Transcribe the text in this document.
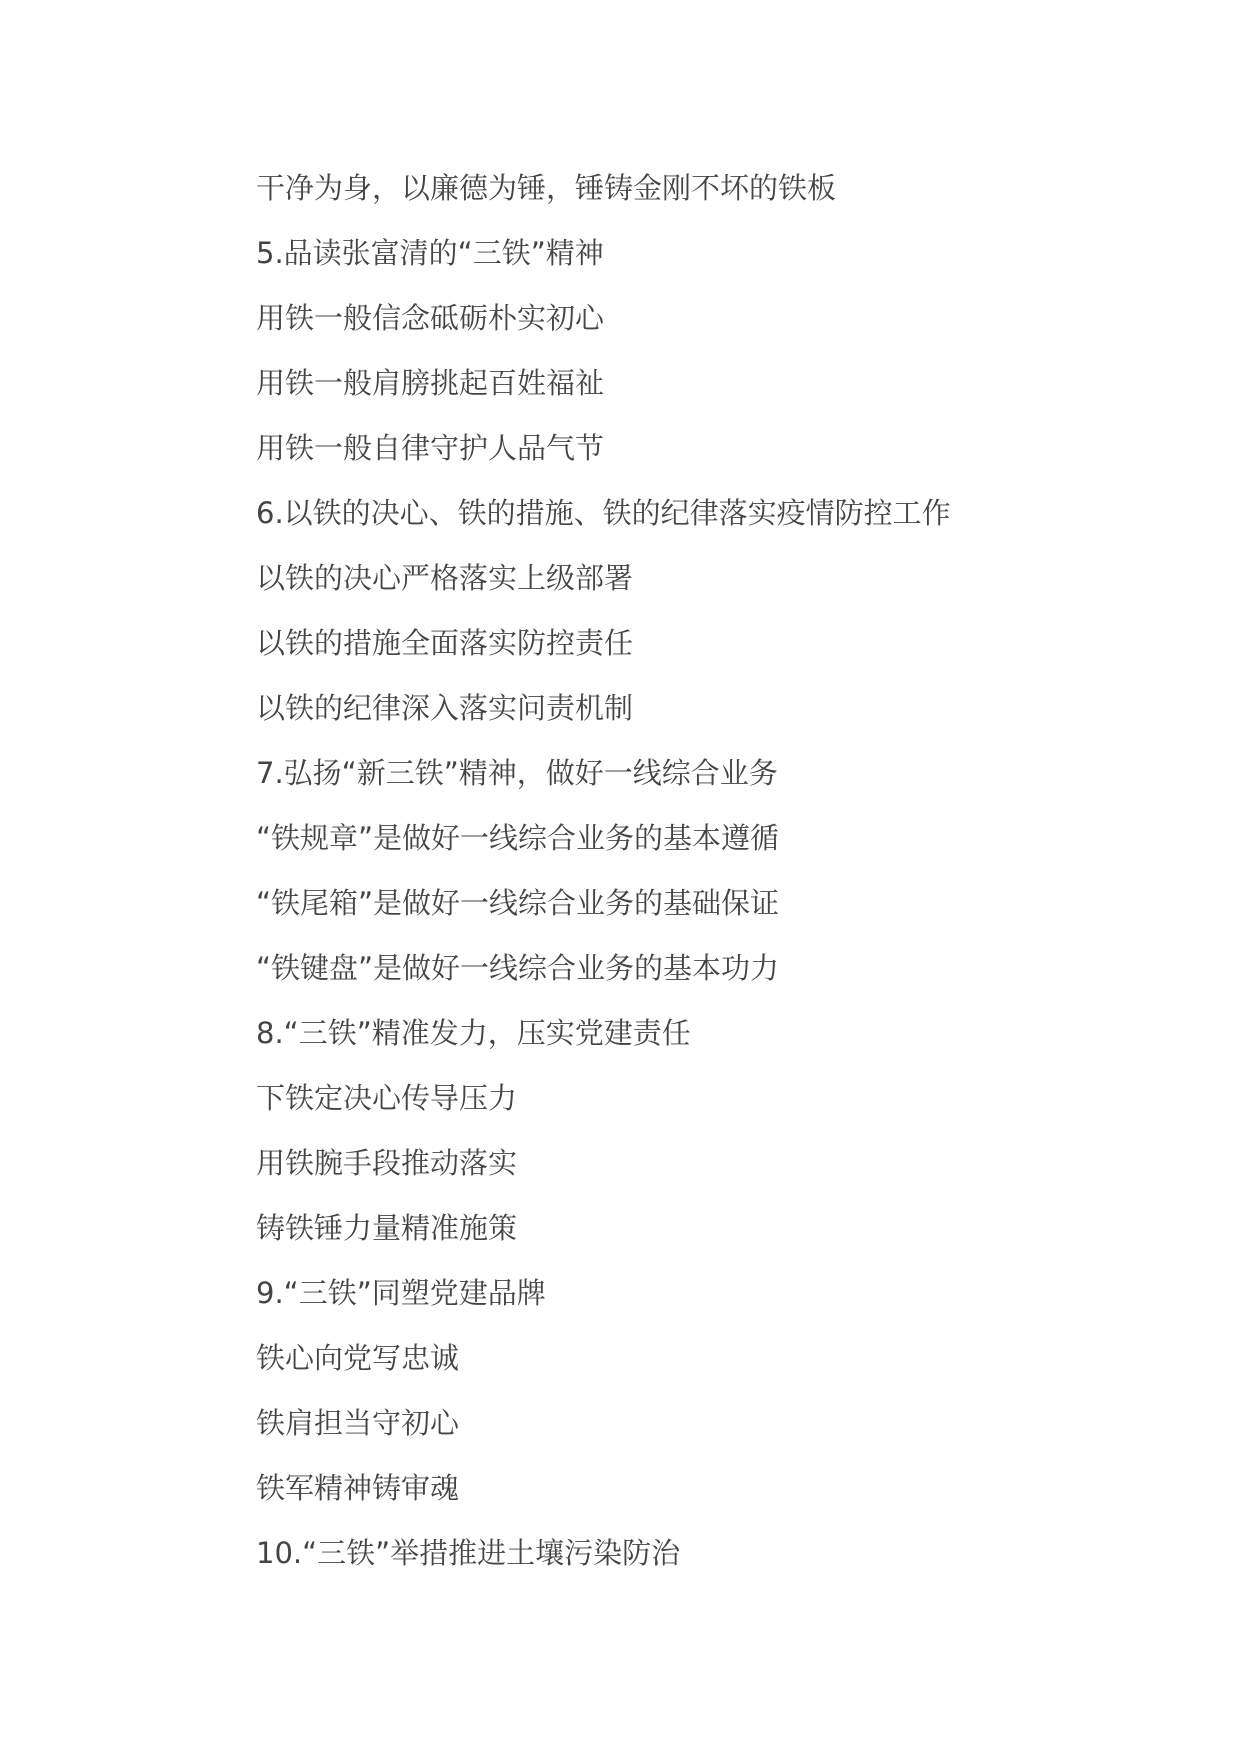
干净为身，以廉德为锤，锤铸金刚不坏的铁板
5.品读张富清的“三铁”精神
用铁一般信念砥砺朴实初心
用铁一般肩膀挑起百姓福祉
用铁一般自律守护人品气节
6.以铁的决心、铁的措施、铁的纪律落实疫情防控工作
以铁的决心严格落实上级部署
以铁的措施全面落实防控责任
以铁的纪律深入落实问责机制
7.弘扬“新三铁”精神，做好一线综合业务
“铁规章”是做好一线综合业务的基本遵循
“铁尾箱”是做好一线综合业务的基础保证
“铁键盘”是做好一线综合业务的基本功力
8.“三铁”精准发力，压实党建责任
下铁定决心传导压力
用铁腕手段推动落实
铸铁锤力量精准施策
9.“三铁”同塑党建品牌
铁心向党写忠诚
铁肩担当守初心
铁军精神铸审魂
10.“三铁”举措推进土壤污染防治
